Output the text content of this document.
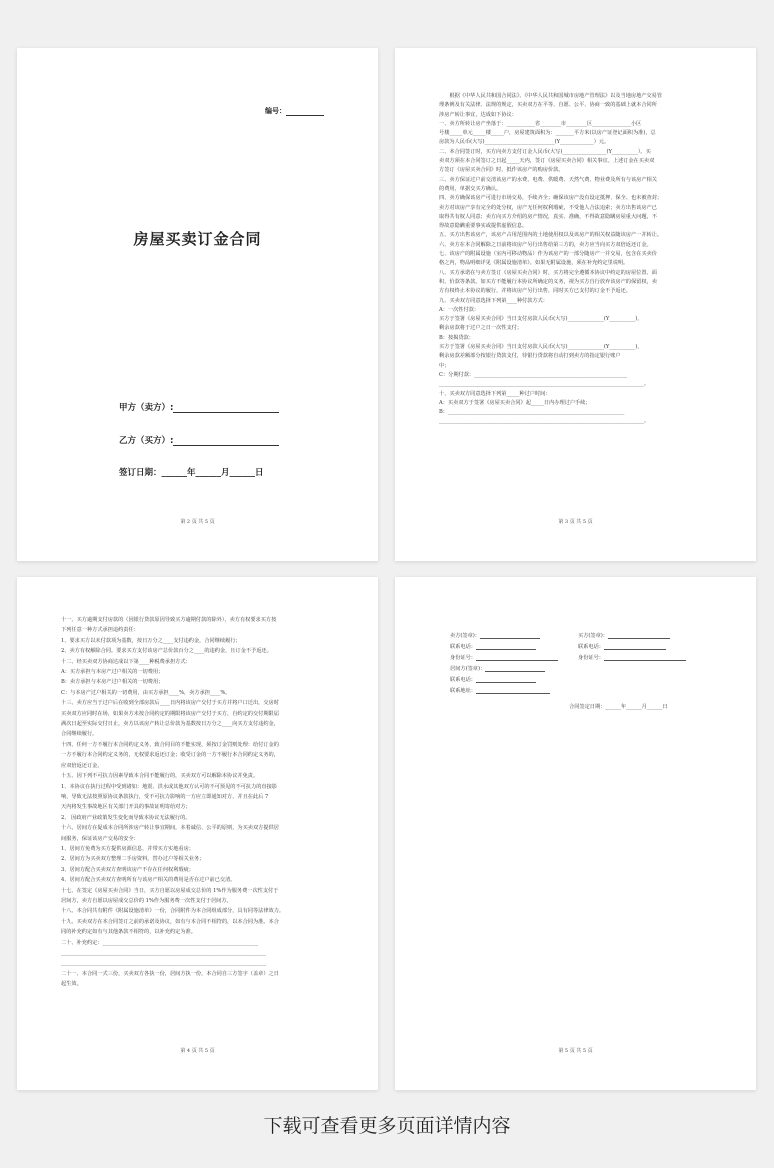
编号：
房屋买卖订金合同
甲方（卖方）:
乙方（买方）:
签订日期：______年______月______日
第 2 页 共 5 页

　　根据《中华人民共和国合同法》、《中华人民共和国城市房地产管理法》以及当地房地产交易管

理条例及有关法律、法规的规定，买卖双方在平等、自愿、公平、协商一致的基础上就本合同所

涉房产转让事宜，达成如下协议：

一、卖方所转让房产坐落于：___________省________市________区_______________小区

号楼_____单元_____楼_____户，房屋建筑面积为：_______平方米(以房产证登记面积为准)，总

房款为人民币(大写)___________________________(Y_____________）元。

二、本合同签订时，买方向卖方支付订金人民币(大写)_________________(Y__________）。买

卖双方须在本合同签订之日起_____天内，签订《房屋买卖合同》相关事宜。上述订金在买卖双

方签订《房屋买卖合同》时，抵作该房产的购房价款。

三、卖方保证过户前交清该房产的水费、电费、供暖费、天然气费、物业费及所有与该房产相关

的费用，单据交买方确认。

四、卖方确保该房产可进行市场交易，手续齐全；确保该房产没有设定抵押、保全、也未被查封；

卖方对该房产享有完全的处分权，房产无任何权利瑕疵，不受他人合法追索；卖方出售该房产已

取得共有权人同意；卖方向买方介绍的房产情况，真实、准确，不得故意隐瞒房屋重大问题，不

得故意隐瞒重要事实或提供虚假信息。

五、买方出售该房产，该房产占用范围内的土地使用权以及该房产的相关权益随该房产一并转让。

六、卖方在本合同解除之日前将该房产另行出售给第三方的，卖方应当向买方双倍返还订金。

七、该房产的附属设施（室内可移动物品）作为该房产的一部分随房产一并交易，包含在买卖价

格之内，物品明细详见《附属设施清单》。如果无附属设施，须在补充约定里说明。

八、买方承诺在与卖方签订《房屋买卖合同》时，买方将完全遵循本协议中约定的房屋位置、面

积、价款等条款。如买方不能履行本协议所确定的义务，视为买方自行放弃该房产的保留权，卖

方有权终止本协议的履行，并将该房产另行出售，同时买方已支付的订金不予返还。

九、买卖双方同意选择下列第____种付款方式：

A：一次性付款：

买方于签署《房屋买卖合同》当日支付房款人民币(大写)______________(Y__________)，

剩余房款将于过户之日一次性支付；

B：按揭贷款：

买方于签署《房屋买卖合同》当日支付房款人民币(大写)______________(Y__________)，

剩余房款差额部分按银行贷款支付，待银行贷款将自动打到卖方的指定银行账户

中；

C：分期付款：___________________________________________________________

_______________________________________________________________________________。

十、买卖双方同意选择下列第_____种过户时间：

A：买卖双方于签署《房屋买卖合同》起_____日内办理过户手续；

B：____________________________________________________________________

_______________________________________________________________________________。

第 3 页 共 5 页

十一、买方逾期支付房款的（因银行贷款原因导致买方逾期付款的除外），卖方有权要求买方按

下列任意一种方式承担违约责任：

1、要求买方以未付款项为基数，按日万分之____支付违约金，合同继续履行；

2、卖方有权解除合同。要求买方支付该房产总价款百分之____的违约金，且订金不予返还。

十二、经买卖双方协商达成以下第____种税费承担方式：

A：买方承担与本房产过户相关的一切费用；

B：卖方承担与本房产过户相关的一切费用；

C：与本房产过户相关的一切费用，由买方承担____%，卖方承担____%。

十三、卖方应当于过户后在收到全部房款后____日内将该房产交付于买方并将户口迁出，交房时

买卖双方应同时在场，如果卖方未按合同约定的期限将该房产交付于买方，自约定的交付期限届

满次日起至实际交付日止，卖方以该房产转让总价款为基数按日万分之____向买方支付违约金，

合同继续履行。

十四、任何一方不履行本合同约定义务，致合同目的不能实现，须按订金罚则处理：给付订金的

一方不履行本合同约定义务的，无权要求返还订金；收受订金的一方不履行本合同约定义务的，

应双倍返还订金。

十五、因下列不可抗力因素导致本合同不能履行的，买卖双方可以解除本协议并免责。

1、本协议在执行过程中受到诸如：地震、洪水或其他双方认可的不可预见的不可抗力的直接影

响，导致无法按照原协议条款执行，受不可抗力影响的一方应立即通知对方，并且在此后 7

天内将发生事故地区有关部门开具的事故证明寄给对方；

2、 因政府产业政策发生变化而导致本协议无法履行的。

十六、居间方在促成本合同所涉房产转让事宜期间，本着诚信、公平的原则，为买卖双方提供居

间服务，保证该房产交易的安全：

1、居间方免费为买方提供房源信息，并带买方实地看房；

2、居间方为买卖双方整理二手房资料，替办过户等相关业务；

3、居间方配合买卖双方查明该房产不存在任何权利瑕疵；

4、居间方配合买卖双方查明所有与该房产相关的费用是否在过户前已交清。

十七、在签定《房屋买卖合同》当日，买方自愿以房屋成交总价的 1%作为服务费一次性支付于

居间方，卖方自愿以房屋成交总价的 1%作为服务费一次性支付于居间方。

十八、本合同共有附件《附属设施清单》一份，合同附件为本合同组成部分，具有同等法律效力。

十九、买卖双方在本合同签订之前的承诺及协议，如有与本合同不相符的，以本合同为准。本合

同的补充约定如有与其他条款不相符的，以补充约定为准。

二十、补充约定：____________________________________________________________

_______________________________________________________________________________

_______________________________________________________________________________

二十一、本合同一式三份，买卖双方各执一份，居间方执一份，本合同自三方签字（盖章）之日

起生效。

第 4 页 共 5 页
卖方(签章)：	买方(签章)：
联系电话：	联系电话：
身份证号：	身份证号：
居间方(签章)：
联系电话：
联系地址：
合同签定日期：______年______月______日
第 5 页 共 5 页
下载可查看更多页面详情内容
